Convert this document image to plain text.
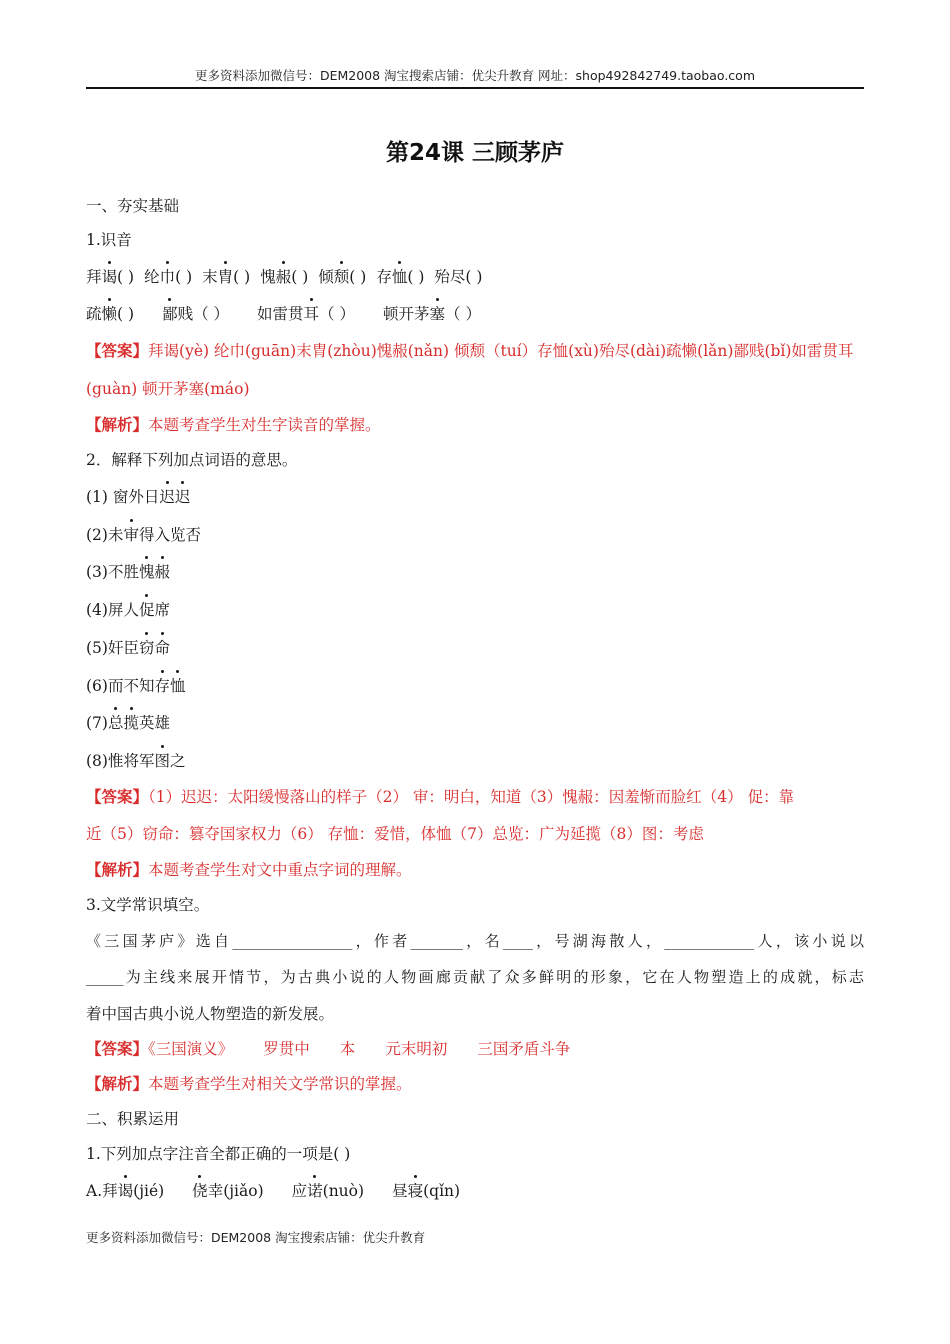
更多资料添加微信号：DEM2008 淘宝搜索店铺：优尖升教育 网址：shop492842749.taobao.com
第24课 三顾茅庐
一、夯实基础
1.识音
拜谒( ) 纶巾( ) 末胄( ) 愧赧( ) 倾颓( ) 存恤( ) 殆尽( )
疏懒( ) 鄙贱（ ） 如雷贯耳（ ） 顿开茅塞（ ）
【答案】拜谒(yè) 纶巾(guān)末胄(zhòu)愧赧(nǎn) 倾颓（tuí）存恤(xù)殆尽(dài)疏懒(lǎn)鄙贱(bǐ)如雷贯耳
(guàn) 顿开茅塞(máo)
【解析】本题考查学生对生字读音的掌握。
2．解释下列加点词语的意思。
(1) 窗外日迟迟
(2)未审得入览否
(3)不胜愧赧
(4)屏人促席
(5)奸臣窃命
(6)而不知存恤
(7)总揽英雄
(8)惟将军图之
【答案】（1）迟迟：太阳缓慢落山的样子（2） 审：明白，知道（3）愧赧：因羞惭而脸红（4） 促：靠
近（5）窃命：篡夺国家权力（6） 存恤：爱惜，体恤（7）总览：广为延揽（8）图：考虑
【解析】本题考查学生对文中重点字词的理解。
3.文学常识填空。
《三国茅庐》选自________________，作者_______，名____，号湖海散人，____________人，该小说以
_____为主线来展开情节，为古典小说的人物画廊贡献了众多鲜明的形象，它在人物塑造上的成就，标志
着中国古典小说人物塑造的新发展。
【答案】《三国演义》 罗贯中 本 元末明初 三国矛盾斗争
【解析】本题考查学生对相关文学常识的掌握。
二、积累运用
1.下列加点字注音全都正确的一项是( )
A.拜谒(jié) 侥幸(jiǎo) 应诺(nuò) 昼寝(qǐn)
更多资料添加微信号：DEM2008 淘宝搜索店铺：优尖升教育
